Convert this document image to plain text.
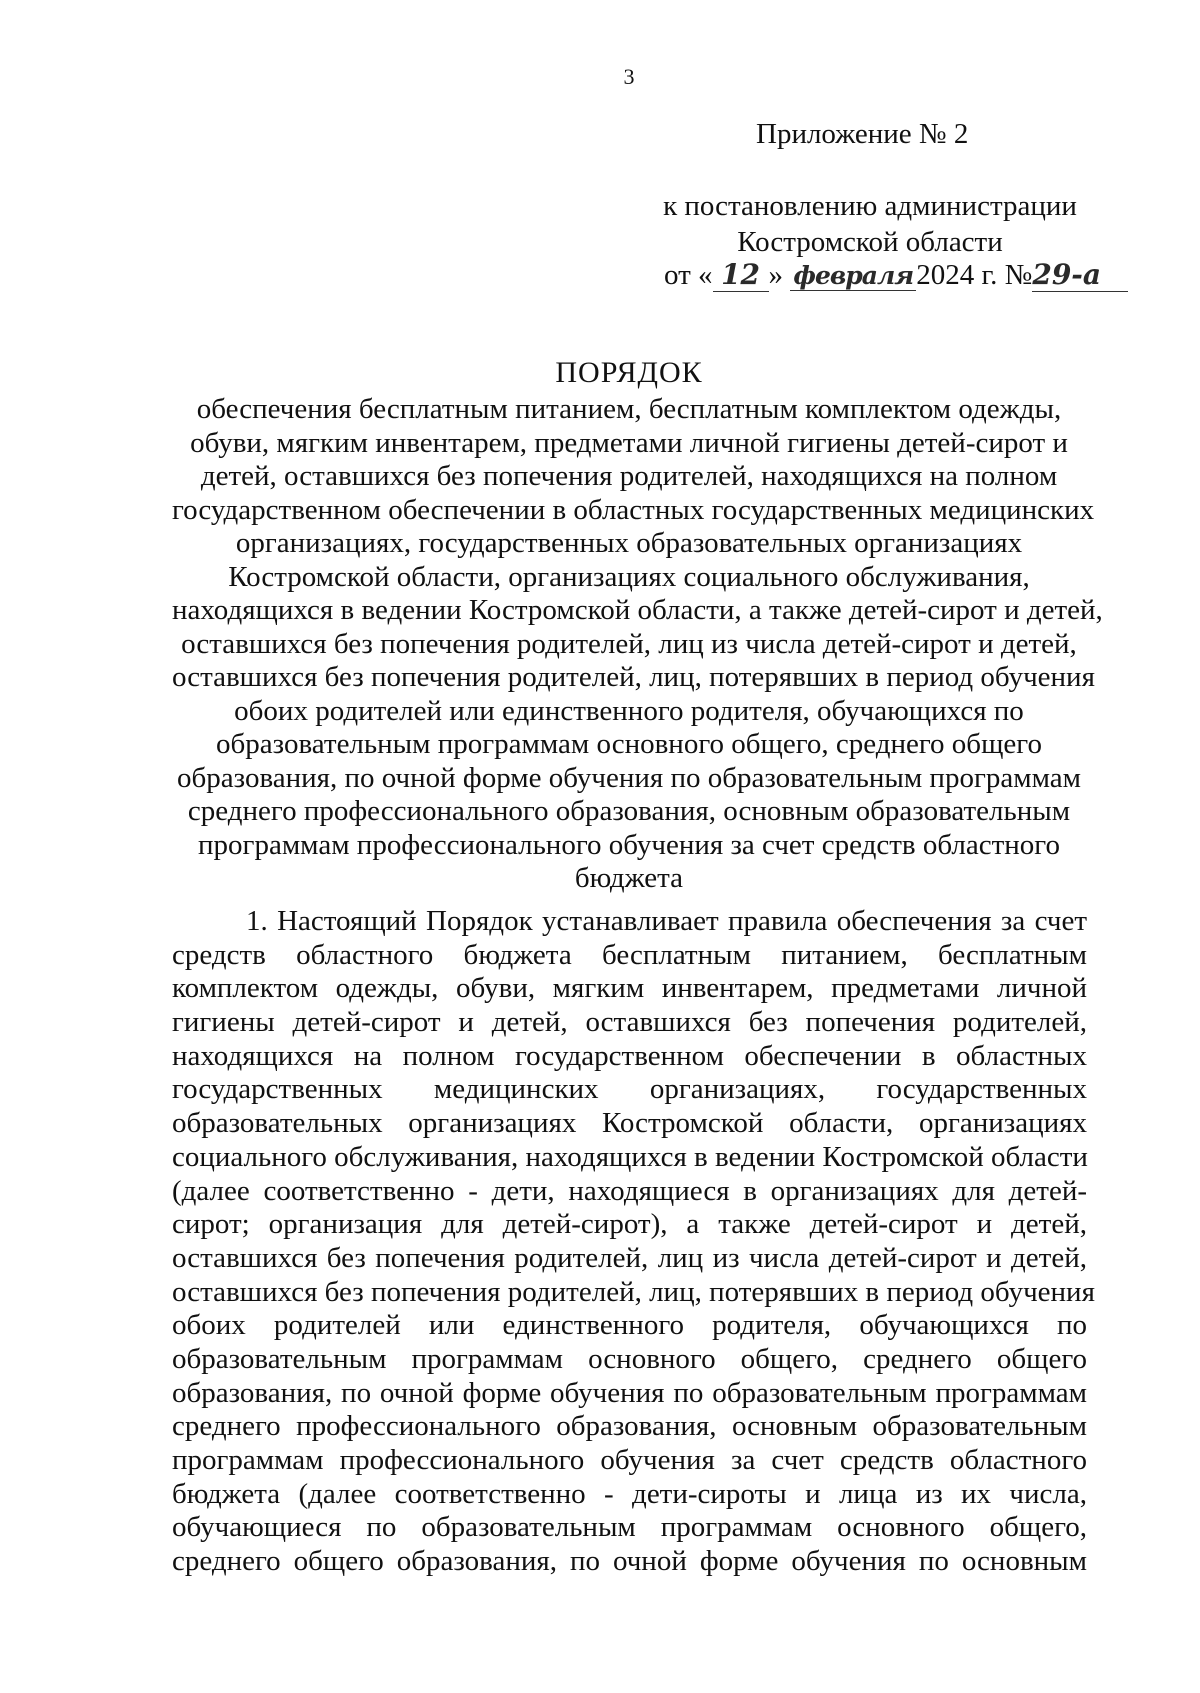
3
Приложение № 2
к постановлению администрации
Костромской области
от « 12 » февраля 2024 г. №29-а
ПОРЯДОК
обеспечения бесплатным питанием, бесплатным комплектом одежды,
обуви, мягким инвентарем, предметами личной гигиены детей-сирот и
детей, оставшихся без попечения родителей, находящихся на полном
государственном обеспечении в областных государственных медицинских
организациях, государственных образовательных организациях
Костромской области, организациях социального обслуживания,
находящихся в ведении Костромской области, а также детей-сирот и детей,
оставшихся без попечения родителей, лиц из числа детей-сирот и детей,
оставшихся без попечения родителей, лиц, потерявших в период обучения
обоих родителей или единственного родителя, обучающихся по
образовательным программам основного общего, среднего общего
образования, по очной форме обучения по образовательным программам
среднего профессионального образования, основным образовательным
программам профессионального обучения за счет средств областного
бюджета
1. Настоящий Порядок устанавливает правила обеспечения за счет
средств областного бюджета бесплатным питанием, бесплатным
комплектом одежды, обуви, мягким инвентарем, предметами личной
гигиены детей-сирот и детей, оставшихся без попечения родителей,
находящихся на полном государственном обеспечении в областных
государственных медицинских организациях, государственных
образовательных организациях Костромской области, организациях
социального обслуживания, находящихся в ведении Костромской области
(далее соответственно - дети, находящиеся в организациях для детей-
сирот; организация для детей-сирот), а также детей-сирот и детей,
оставшихся без попечения родителей, лиц из числа детей-сирот и детей,
оставшихся без попечения родителей, лиц, потерявших в период обучения
обоих родителей или единственного родителя, обучающихся по
образовательным программам основного общего, среднего общего
образования, по очной форме обучения по образовательным программам
среднего профессионального образования, основным образовательным
программам профессионального обучения за счет средств областного
бюджета (далее соответственно - дети-сироты и лица из их числа,
обучающиеся по образовательным программам основного общего,
среднего общего образования, по очной форме обучения по основным
